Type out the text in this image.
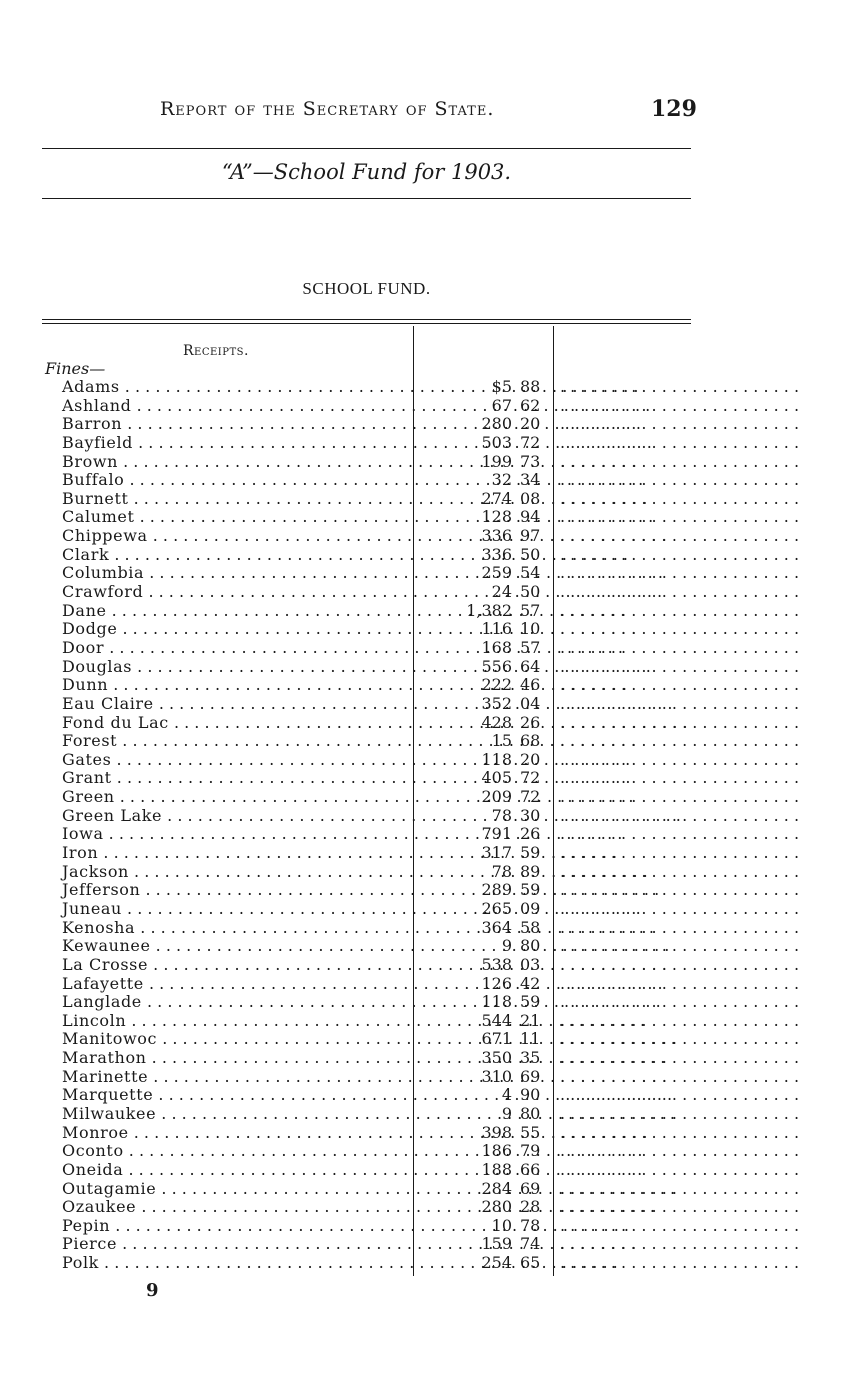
Report of the Secretary of State.	129
“A”—School Fund for 1903.
SCHOOL FUND.
Receipts.
Fines—
Adams . . .	$5 88 . . . . . . . . . . . . . . . . . . . . . . . .
Ashland . . .	67 62 . . . . . . . . . . . . . . . . . . . . . . . .
Barron . . .	280 20 . . . . . . . . . . . . . . . . . . . . . . . .
Bayfield . . .	503 72 . . . . . . . . . . . . . . . . . . . . . . . .
Brown . . .	199 73 . . . . . . . . . . . . . . . . . . . . . . . .
Buffalo . . .	32 34 . . . . . . . . . . . . . . . . . . . . . . . .
Burnett . . .	274 08 . . . . . . . . . . . . . . . . . . . . . . . .
Calumet . . .	128 94 . . . . . . . . . . . . . . . . . . . . . . . .
Chippewa . . .	336 97 . . . . . . . . . . . . . . . . . . . . . . . .
Clark . . .	336 50 . . . . . . . . . . . . . . . . . . . . . . . .
Columbia . . .	259 54 . . . . . . . . . . . . . . . . . . . . . . . .
Crawford . . .	24 50 . . . . . . . . . . . . . . . . . . . . . . . .
Dane . . .	1,382 57 . . . . . . . . . . . . . . . . . . . . . . . .
Dodge . . .	116 10 . . . . . . . . . . . . . . . . . . . . . . . .
Door . . .	168 57 . . . . . . . . . . . . . . . . . . . . . . . .
Douglas . . .	556 64 . . . . . . . . . . . . . . . . . . . . . . . .
Dunn . . .	222 46 . . . . . . . . . . . . . . . . . . . . . . . .
Eau Claire . . .	352 04 . . . . . . . . . . . . . . . . . . . . . . . .
Fond du Lac . . .	428 26 . . . . . . . . . . . . . . . . . . . . . . . .
Forest . . .	15 68 . . . . . . . . . . . . . . . . . . . . . . . .
Gates . . .	118 20 . . . . . . . . . . . . . . . . . . . . . . . .
Grant . . .	405 72 . . . . . . . . . . . . . . . . . . . . . . . .
Green . . .	209 72 . . . . . . . . . . . . . . . . . . . . . . . .
Green Lake . . .	78 30 . . . . . . . . . . . . . . . . . . . . . . . .
Iowa . . .	791 26 . . . . . . . . . . . . . . . . . . . . . . . .
Iron . . .	317 59 . . . . . . . . . . . . . . . . . . . . . . . .
Jackson . . .	78 89 . . . . . . . . . . . . . . . . . . . . . . . .
Jefferson . . .	289 59 . . . . . . . . . . . . . . . . . . . . . . . .
Juneau . . .	265 09 . . . . . . . . . . . . . . . . . . . . . . . .
Kenosha . . .	364 58 . . . . . . . . . . . . . . . . . . . . . . . .
Kewaunee . . .	9 80 . . . . . . . . . . . . . . . . . . . . . . . .
La Crosse . . .	538 03 . . . . . . . . . . . . . . . . . . . . . . . .
Lafayette . . .	126 42 . . . . . . . . . . . . . . . . . . . . . . . .
Langlade . . .	118 59 . . . . . . . . . . . . . . . . . . . . . . . .
Lincoln . . .	544 21 . . . . . . . . . . . . . . . . . . . . . . . .
Manitowoc . . .	671 11 . . . . . . . . . . . . . . . . . . . . . . . .
Marathon . . .	350 35 . . . . . . . . . . . . . . . . . . . . . . . .
Marinette . . .	310 69 . . . . . . . . . . . . . . . . . . . . . . . .
Marquette . . .	4 90 . . . . . . . . . . . . . . . . . . . . . . . .
Milwaukee . . .	9 80 . . . . . . . . . . . . . . . . . . . . . . . .
Monroe . . .	398 55 . . . . . . . . . . . . . . . . . . . . . . . .
Oconto . . .	186 79 . . . . . . . . . . . . . . . . . . . . . . . .
Oneida . . .	188 66 . . . . . . . . . . . . . . . . . . . . . . . .
Outagamie . . .	284 69 . . . . . . . . . . . . . . . . . . . . . . . .
Ozaukee . . .	280 28 . . . . . . . . . . . . . . . . . . . . . . . .
Pepin . . .	10 78 . . . . . . . . . . . . . . . . . . . . . . . .
Pierce . . .	159 74 . . . . . . . . . . . . . . . . . . . . . . . .
Polk . . .	254 65 . . . . . . . . . . . . . . . . . . . . . . . .
9
